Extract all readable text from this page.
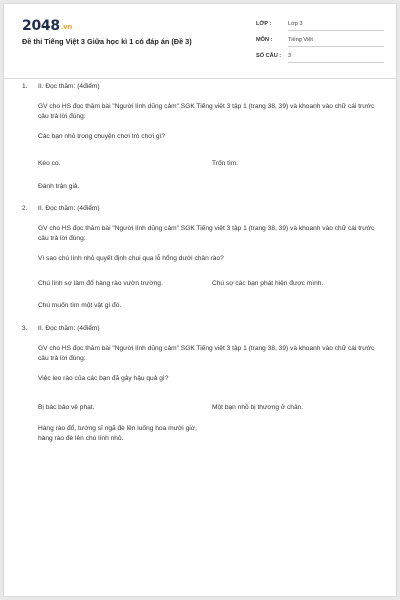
2048.vn
Đề thi Tiếng Việt 3 Giữa học kì 1 có đáp án (Đề 3)
LỚP :	Lớp 3
MÔN :	Tiếng Việt
SỐ CÂU : 3
1. II. Đọc thầm: (4điểm)
GV cho HS đọc thầm bài "Người lính dũng cảm" SGK Tiếng việt 3 tập 1 (trang 38, 39) và khoanh vào chữ cái trước câu trả lời đúng:
Các bạn nhỏ trong chuyện chơi trò chơi gì?
Kéo co.	Trốn tìm.
Đánh trận giả.
2. II. Đọc thầm: (4điểm)
GV cho HS đọc thầm bài "Người lính dũng cảm" SGK Tiếng việt 3 tập 1 (trang 38, 39) và khoanh vào chữ cái trước câu trả lời đúng:
Vì sao chú lính nhỏ quyết định chui qua lỗ hổng dưới chân rào?
Chú lính sợ làm đổ hàng rào vườn trường.	Chú sợ các bạn phát hiện được mình.
Chú muốn tìm một vật gì đó.
3. II. Đọc thầm: (4điểm)
GV cho HS đọc thầm bài "Người lính dũng cảm" SGK Tiếng việt 3 tập 1 (trang 38, 39) và khoanh vào chữ cái trước câu trả lời đúng:
Việc leo rào của các bạn đã gây hậu quả gì?
Bị bác bảo vệ phạt.	Một bạn nhỏ bị thương ở chân.
Hàng rào đổ, tướng sĩ ngã đè lên luống hoa mười giờ, hàng rào đè lên chú lính nhỏ.
